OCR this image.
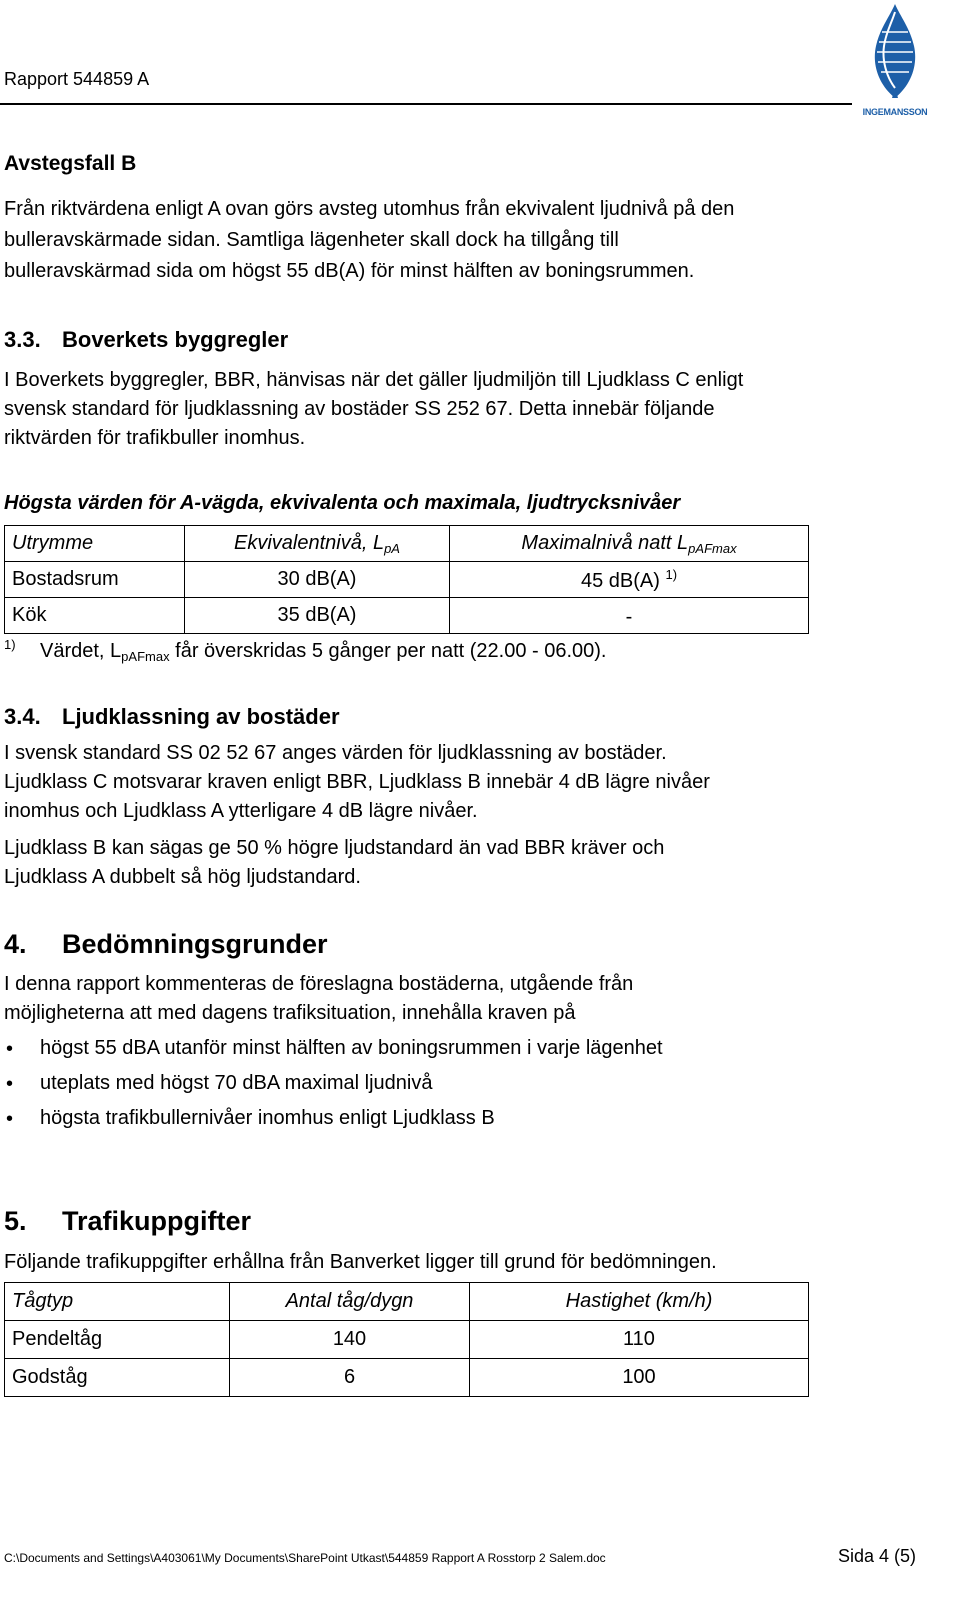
Rapport 544859 A
INGEMANSSON
Avstegsfall B
Från riktvärdena enligt A ovan görs avsteg utomhus från ekvivalent ljudnivå på den
bulleravskärmade sidan. Samtliga lägenheter skall dock ha tillgång till
bulleravskärmad sida om högst 55 dB(A) för minst hälften av boningsrummen.
3.3. Boverkets byggregler
I Boverkets byggregler, BBR, hänvisas när det gäller ljudmiljön till Ljudklass C enligt
svensk standard för ljudklassning av bostäder SS 252 67. Detta innebär följande
riktvärden för trafikbuller inomhus.
Högsta värden för A-vägda, ekvivalenta och maximala, ljudtrycksnivåer
Utrymme	Ekvivalentnivå, $L_{pA}$	Maximalnivå natt $L_{pAFmax}$
Bostadsrum	30 dB(A)	45 dB(A) $^{1)}$
Kök	35 dB(A)	-
$^{1)}$ Värdet, $L_{pAFmax}$ får överskridas 5 gånger per natt (22.00 - 06.00).
3.4. Ljudklassning av bostäder
I svensk standard SS 02 52 67 anges värden för ljudklassning av bostäder.
Ljudklass C motsvarar kraven enligt BBR, Ljudklass B innebär 4 dB lägre nivåer
inomhus och Ljudklass A ytterligare 4 dB lägre nivåer.
Ljudklass B kan sägas ge 50 % högre ljudstandard än vad BBR kräver och
Ljudklass A dubbelt så hög ljudstandard.
4. Bedömningsgrunder
I denna rapport kommenteras de föreslagna bostäderna, utgående från
möjligheterna att med dagens trafiksituation, innehålla kraven på
• högst 55 dBA utanför minst hälften av boningsrummen i varje lägenhet
• uteplats med högst 70 dBA maximal ljudnivå
• högsta trafikbullernivåer inomhus enligt Ljudklass B
5. Trafikuppgifter
Följande trafikuppgifter erhållna från Banverket ligger till grund för bedömningen.
Tågtyp	Antal tåg/dygn	Hastighet (km/h)
Pendeltåg	140	110
Godståg	6	100
C:\Documents and Settings\A403061\My Documents\SharePoint Utkast\544859 Rapport A Rosstorp 2 Salem.doc	Sida 4 (5)
